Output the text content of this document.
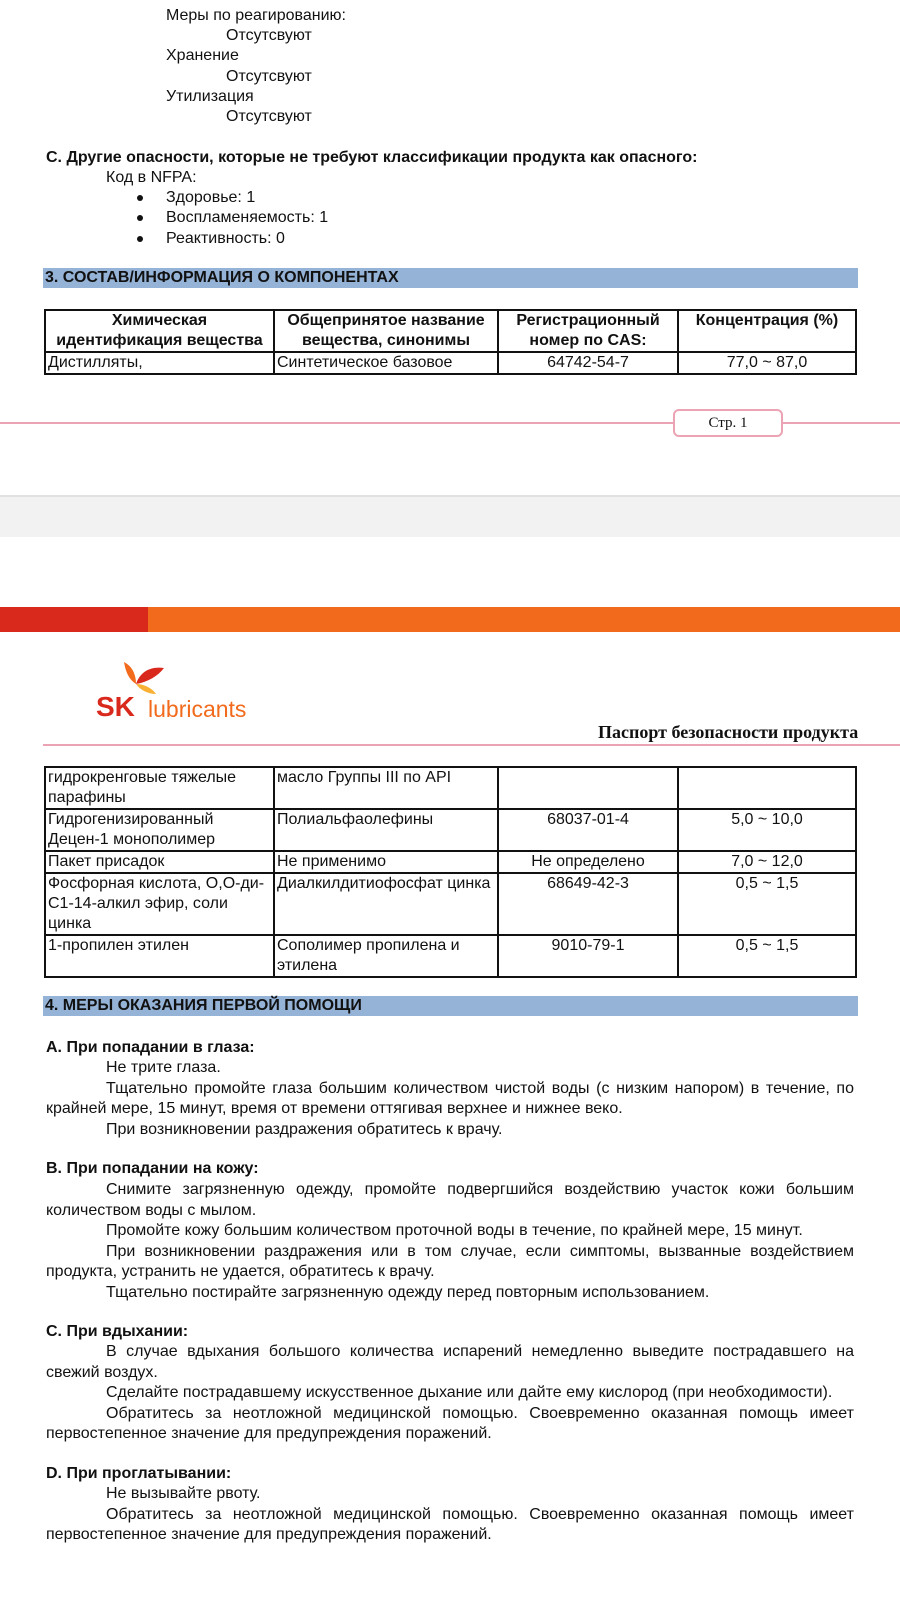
Меры по реагированию:
Отсутсвуют
Хранение
Отсутсвуют
Утилизация
Отсутсвуют
C. Другие опасности, которые не требуют классификации продукта как опасного:
Код в NFPA:
Здоровье: 1
Воспламеняемость: 1
Реактивность: 0
3. СОСТАВ/ИНФОРМАЦИЯ О КОМПОНЕНТАХ
Химическая идентификация вещества	Общепринятое название вещества, синонимы	Регистрационный номер по CAS:	Концентрация (%)
Дистилляты,	Синтетическое базовое	64742-54-7	77,0 ~ 87,0
Стр. 1
SK lubricants
Паспорт безопасности продукта
гидрокренговые тяжелые парафины	масло Группы III по API		
Гидрогенизированный Децен-1 монополимер	Полиальфаолефины	68037-01-4	5,0 ~ 10,0
Пакет присадок	Не применимо	Не определено	7,0 ~ 12,0
Фосфорная кислота, О,О-ди-С1-14-алкил эфир, соли цинка	Диалкилдитиофосфат цинка	68649-42-3	0,5 ~ 1,5
1-пропилен этилен	Сополимер пропилена и этилена	9010-79-1	0,5 ~ 1,5
4. МЕРЫ ОКАЗАНИЯ ПЕРВОЙ ПОМОЩИ
A. При попадании в глаза:
Не трите глаза.
Тщательно промойте глаза большим количеством чистой воды (с низким напором) в течение, по крайней мере, 15 минут, время от времени оттягивая верхнее и нижнее веко.
При возникновении раздражения обратитесь к врачу.
B. При попадании на кожу:
Снимите загрязненную одежду, промойте подвергшийся воздействию участок кожи большим количеством воды с мылом.
Промойте кожу большим количеством проточной воды в течение, по крайней мере, 15 минут.
При возникновении раздражения или в том случае, если симптомы, вызванные воздействием продукта, устранить не удается, обратитесь к врачу.
Тщательно постирайте загрязненную одежду перед повторным использованием.
C. При вдыхании:
В случае вдыхания большого количества испарений немедленно выведите пострадавшего на свежий воздух.
Сделайте пострадавшему искусственное дыхание или дайте ему кислород (при необходимости).
Обратитесь за неотложной медицинской помощью. Своевременно оказанная помощь имеет первостепенное значение для предупреждения поражений.
D. При проглатывании:
Не вызывайте рвоту.
Обратитесь за неотложной медицинской помощью. Своевременно оказанная помощь имеет первостепенное значение для предупреждения поражений.
